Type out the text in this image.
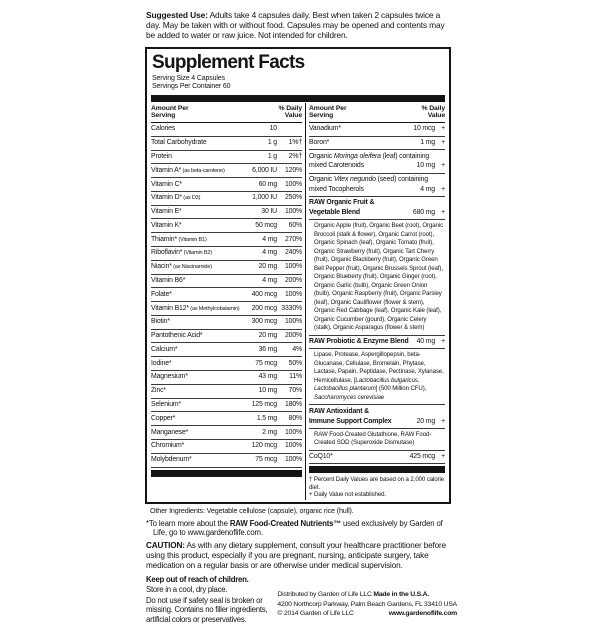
Suggested Use: Adults take 4 capsules daily. Best when taken 2 capsules twice a day. May be taken with or without food. Capsules may be opened and contents may be added to water or raw juice. Not intended for children.

Supplement Facts
Serving Size 4 Capsules
Servings Per Container 60
Amount Per
Serving
% Daily
Value
Calories	10
Total Carbohydrate	1 g	1%†
Protein	1 g	2%†
Vitamin A* (as beta-carotene)	6,000 IU	120%
Vitamin C*	60 mg	100%
Vitamin D* (as D3)	1,000 IU	250%
Vitamin E*	30 IU	100%
Vitamin K*	50 mcg	60%
Thiamin* (Vitamin B1)	4 mg	270%
Riboflavin* (Vitamin B2)	4 mg	240%
Niacin* (as Niacinamide)	20 mg	100%
Vitamin B6*	4 mg	200%
Folate*	400 mcg	100%
Vitamin B12* (as Methylcobalamin)	200 mcg 3330%
Biotin*	300 mcg	100%
Pantothenic Acid*	20 mg	200%
Calcium*	36 mg	4%
Iodine*	75 mcg	50%
Magnesium*	43 mg	11%
Zinc*	10 mg	70%
Selenium*	125 mcg	180%
Copper*	1.5 mg	80%
Manganese*	2 mg	100%
Chromium*	120 mcg	100%
Molybdenum*	75 mcg	100%
Amount Per
Serving
% Daily
Value
Vanadium*	10 mcg +
Boron*	1 mg +
Organic Moringa oleifera (leaf) containing
mixed Carotenoids	10 mg +
Organic Vitex negundo (seed) containing
mixed Tocopherols	4 mg +
RAW Organic Fruit &
Vegetable Blend	680 mg +
Organic Apple (fruit), Organic Beet (root), Organic Broccoli (stalk & flower), Organic Carrot (root), Organic Spinach (leaf), Organic Tomato (fruit), Organic Strawberry (fruit), Organic Tart Cherry (fruit), Organic Blackberry (fruit), Organic Green Bell Pepper (fruit), Organic Brussels Sprout (leaf), Organic Blueberry (fruit), Organic Ginger (root), Organic Garlic (bulb), Organic Green Onion (bulb), Organic Raspberry (fruit), Organic Parsley (leaf), Organic Cauliflower (flower & stem), Organic Red Cabbage (leaf), Organic Kale (leaf), Organic Cucumber (gourd), Organic Celery (stalk), Organic Asparagus (flower & stem)
RAW Probiotic & Enzyme Blend	40 mg +
Lipase, Protease, Aspergillopepsin, beta-Glucanase, Cellulase, Bromelain, Phytase, Lactase, Papain, Peptidase, Pectinase, Xylanase, Hemicellulase, [Lactobacillus bulgaricus, Lactobacillus plantarum] (500 Million CFU), Saccharomyces cerevisiae
RAW Antioxidant &
Immune Support Complex	20 mg +
RAW Food-Created Glutathione, RAW Food-Created SOD (Superoxide Dismutase)
CoQ10*	425 mcg +
† Percent Daily Values are based on a 2,000 calorie diet.
+ Daily Value not established.

Other Ingredients: Vegetable cellulose (capsule), organic rice (hull).

*To learn more about the RAW Food-Created Nutrients™ used exclusively by Garden of Life, go to www.gardenoflife.com.

CAUTION: As with any dietary supplement, consult your healthcare practitioner before using this product, especially if you are pregnant, nursing, anticipate surgery, take medication on a regular basis or are otherwise under medical supervision.

Keep out of reach of children.

Store in a cool, dry place.

Do not use if safety seal is broken or missing. Contains no filler ingredients, artificial colors or preservatives.

Distributed by Garden of Life LLC Made in the U.S.A.

4200 Northcorp Parkway, Palm Beach Gardens, FL 33410 USA

© 2014 Garden of Life LLC	www.gardenoflife.com
